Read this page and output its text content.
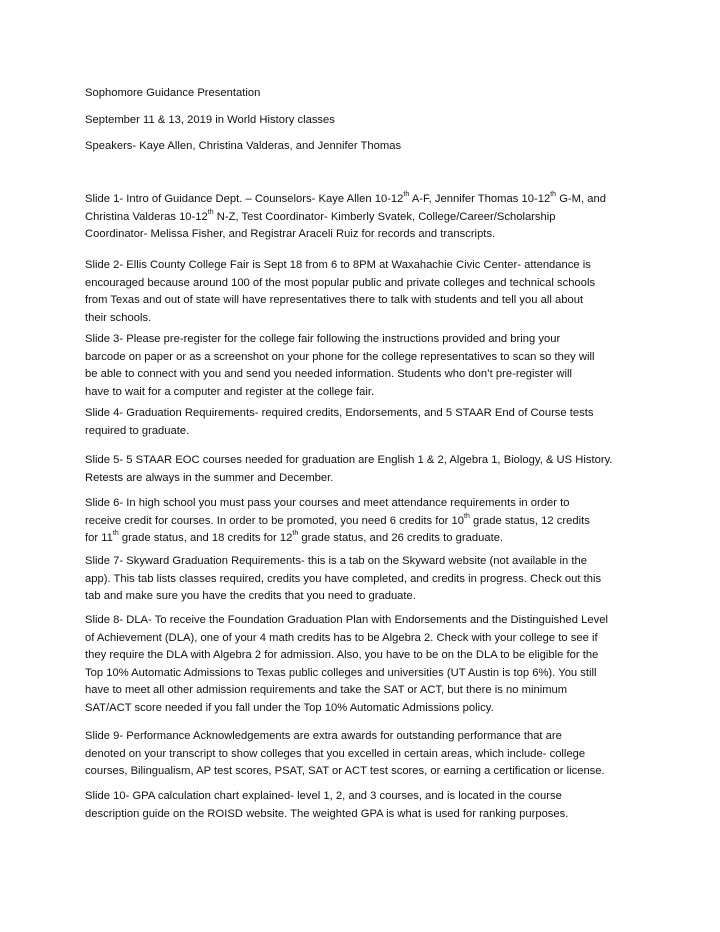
Sophomore Guidance Presentation
September 11 & 13, 2019 in World History classes
Speakers- Kaye Allen, Christina Valderas, and Jennifer Thomas
Slide 1- Intro of Guidance Dept. – Counselors- Kaye Allen 10-12th A-F, Jennifer Thomas 10-12th G-M, and
Christina Valderas 10-12th N-Z, Test Coordinator- Kimberly Svatek, College/Career/Scholarship
Coordinator- Melissa Fisher, and Registrar Araceli Ruiz for records and transcripts.
Slide 2- Ellis County College Fair is Sept 18 from 6 to 8PM at Waxahachie Civic Center- attendance is
encouraged because around 100 of the most popular public and private colleges and technical schools
from Texas and out of state will have representatives there to talk with students and tell you all about
their schools.
Slide 3- Please pre-register for the college fair following the instructions provided and bring your
barcode on paper or as a screenshot on your phone for the college representatives to scan so they will
be able to connect with you and send you needed information. Students who don’t pre-register will
have to wait for a computer and register at the college fair.
Slide 4- Graduation Requirements- required credits, Endorsements, and 5 STAAR End of Course tests
required to graduate.
Slide 5- 5 STAAR EOC courses needed for graduation are English 1 & 2, Algebra 1, Biology, & US History.
Retests are always in the summer and December.
Slide 6- In high school you must pass your courses and meet attendance requirements in order to
receive credit for courses. In order to be promoted, you need 6 credits for 10th grade status, 12 credits
for 11th grade status, and 18 credits for 12th grade status, and 26 credits to graduate.
Slide 7- Skyward Graduation Requirements- this is a tab on the Skyward website (not available in the
app). This tab lists classes required, credits you have completed, and credits in progress. Check out this
tab and make sure you have the credits that you need to graduate.
Slide 8- DLA- To receive the Foundation Graduation Plan with Endorsements and the Distinguished Level
of Achievement (DLA), one of your 4 math credits has to be Algebra 2. Check with your college to see if
they require the DLA with Algebra 2 for admission. Also, you have to be on the DLA to be eligible for the
Top 10% Automatic Admissions to Texas public colleges and universities (UT Austin is top 6%). You still
have to meet all other admission requirements and take the SAT or ACT, but there is no minimum
SAT/ACT score needed if you fall under the Top 10% Automatic Admissions policy.
Slide 9- Performance Acknowledgements are extra awards for outstanding performance that are
denoted on your transcript to show colleges that you excelled in certain areas, which include- college
courses, Bilingualism, AP test scores, PSAT, SAT or ACT test scores, or earning a certification or license.
Slide 10- GPA calculation chart explained- level 1, 2, and 3 courses, and is located in the course
description guide on the ROISD website. The weighted GPA is what is used for ranking purposes.
